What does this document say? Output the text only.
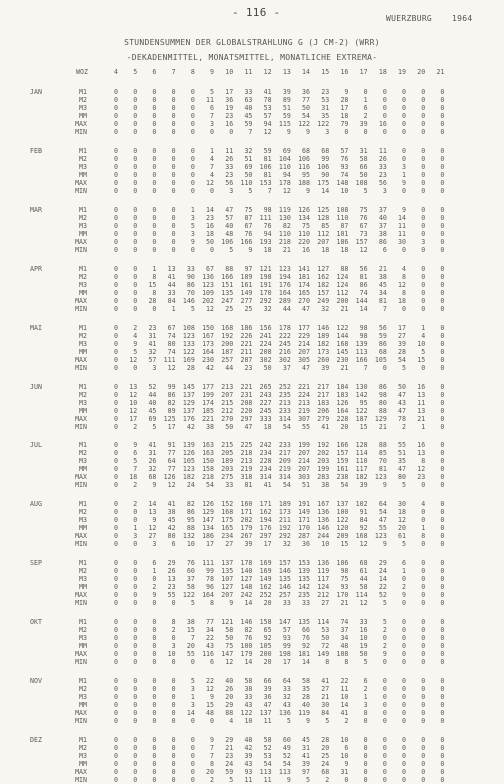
- 116 -	WUERZBURG 1964
STUNDENSUMMEN DER GLOBALSTRAHLUNG G (J CM-2) (WRR)
-DEKADENMITTEL, MONATSMITTEL, MONATLICHE EXTREMA-
WOZ	4	5	6	7	8	9	10	11	12	13	14	15	16	17	18	19	20	21
JAN	M1	0	0	0	0	0	5	17	33	41	39	36	23	9	0	0	0	0	0
M2	0	0	0	0	0	11	36	63	78	89	77	53	28	1	0	0	0	0
M3	0	0	0	0	0	6	19	40	53	51	50	31	17	6	0	0	0	0
MM	0	0	0	0	0	7	23	45	57	59	54	35	18	2	0	0	0	0
MAX	0	0	0	0	0	3	16	59	94	115	122	122	79	39	16	0	0	0
MIN	0	0	0	0	0	0	0	7	12	9	9	3	0	0	0	0	0	0
FEB	M1	0	0	0	0	0	1	11	32	59	69	68	68	57	31	11	0	0	0
M2	0	0	0	0	0	4	26	51	81	104	106	99	76	58	26	0	0	0
M3	0	0	0	0	0	7	33	69	106	110	116	106	93	66	33	3	0	0
MM	0	0	0	0	0	4	23	50	81	94	95	90	74	50	23	1	0	0
MAX	0	0	0	0	0	12	56	110	153	178	188	175	148	108	56	9	0	0
MIN	0	0	0	0	0	0	3	5	7	12	9	14	10	5	3	0	0	0
MAR	M1	0	0	0	0	1	14	47	75	98	119	126	125	108	75	37	9	0	0
M2	0	0	0	0	3	23	57	87	111	130	134	128	110	76	40	14	0	0
M3	0	0	0	0	5	16	40	67	76	82	75	85	87	67	37	11	0	0
MM	0	0	0	0	3	18	48	76	94	110	110	112	101	73	38	11	0	0
MAX	0	0	0	0	9	50	106	166	193	218	220	207	186	157	86	30	3	0
MIN	0	0	0	0	0	0	5	9	18	21	16	18	18	12	6	0	0	0
APR	M1	0	0	1	13	33	67	88	97	121	123	141	127	88	56	21	4	0	0
M2	0	0	8	41	90	136	166	189	198	194	181	162	124	81	38	8	0	0
M3	0	0	15	44	86	123	151	161	191	176	174	182	124	86	45	12	0	0
MM	0	0	8	33	70	109	135	149	170	164	165	157	112	74	34	8	0	0
MAX	0	0	28	84	146	202	247	277	292	289	270	249	200	144	81	18	0	0
MIN	0	0	0	1	5	12	25	25	32	44	47	32	21	14	7	0	0	0
MAI	M1	0	2	23	67	108	150	168	186	156	178	177	146	122	98	56	17	1	0
M2	0	4	31	74	123	167	192	226	241	222	229	189	144	98	59	27	4	0
M3	0	9	41	80	133	173	200	221	224	245	214	182	168	139	86	39	10	0
MM	0	5	32	74	122	164	187	211	208	216	207	173	145	113	68	28	5	0
MAX	0	12	57	111	169	230	257	287	302	302	305	260	230	166	105	54	15	0
MIN	0	0	3	12	28	42	44	23	50	37	47	39	21	7	0	5	0	0
JUN	M1	0	13	52	99	145	177	213	221	265	252	221	217	184	130	86	50	16	0
M2	0	12	44	86	137	199	207	231	243	235	224	217	183	142	98	47	13	0
M3	0	10	40	82	129	174	215	208	227	213	213	183	126	95	80	43	11	0
MM	0	12	45	89	137	185	212	220	245	233	219	206	164	122	88	47	13	0
MAX	0	17	69	125	176	221	270	297	333	314	307	279	228	187	129	78	21	0
MIN	0	2	5	17	42	38	50	47	18	54	55	41	20	15	21	2	1	0
JUL	M1	0	9	41	91	139	163	215	225	242	233	199	192	166	128	88	55	16	0
M2	0	6	31	77	126	163	205	218	234	217	207	202	157	114	85	51	13	0
M3	0	5	26	64	105	150	189	213	228	209	214	203	159	110	70	35	8	0
MM	0	7	32	77	123	158	203	219	234	219	207	199	161	117	81	47	12	0
MAX	0	18	68	126	182	218	275	318	314	314	303	283	238	182	123	80	23	0
MIN	0	2	9	12	24	54	33	81	41	54	51	38	54	39	9	5	0	0
AUG	M1	0	2	14	41	82	126	152	160	171	189	191	167	137	102	64	30	4	0
M2	0	0	13	38	86	129	168	171	162	173	149	136	100	91	54	18	0	0
M3	0	0	9	45	95	147	175	202	194	211	171	136	122	84	47	12	0	0
MM	0	1	12	42	88	134	165	179	176	192	170	146	120	92	55	20	1	0
MAX	0	3	27	80	132	186	234	267	297	292	287	244	209	168	123	61	8	0
MIN	0	0	3	6	10	17	27	39	17	32	36	10	15	12	9	5	0	0
SEP	M1	0	0	6	29	76	111	137	178	169	157	153	136	106	68	29	6	0	0
M2	0	0	1	26	60	99	135	140	169	146	139	119	98	61	24	1	0	0
M3	0	0	0	13	37	78	107	127	149	135	135	117	75	44	14	0	0	0
MM	0	0	2	23	58	96	127	148	162	146	142	124	93	58	22	2	0	0
MAX	0	0	9	55	122	164	207	242	252	257	235	212	170	114	52	9	0	0
MIN	0	0	0	0	5	8	9	14	20	33	33	27	21	12	5	0	0	0
OKT	M1	0	0	0	8	38	77	121	146	158	147	135	114	74	33	5	0	0	0
M2	0	0	0	2	15	34	58	82	65	57	66	53	37	16	2	0	0	0
M3	0	0	0	0	7	22	50	76	92	93	76	50	34	10	0	0	0	0
MM	0	0	0	3	20	43	75	100	105	99	92	72	48	19	2	0	0	0
MAX	0	0	0	10	55	116	147	179	200	198	181	149	108	50	9	0	0	0
MIN	0	0	0	0	0	6	12	14	20	17	14	8	8	5	0	0	0	0
NOV	M1	0	0	0	0	5	22	40	58	66	64	58	41	22	6	0	0	0	0
M2	0	0	0	0	3	12	26	38	39	33	35	27	11	2	0	0	0	0
M3	0	0	0	0	1	9	20	33	36	32	28	21	10	1	0	0	0	0
MM	0	0	0	0	3	15	29	43	47	43	40	30	14	3	0	0	0	0
MAX	0	0	0	0	14	48	88	122	137	136	119	84	41	8	0	0	0	0
MIN	0	0	0	0	0	0	4	10	11	5	9	5	2	0	0	0	0	0
DEZ	M1	0	0	0	0	0	9	29	48	58	60	45	28	10	0	0	0	0	0
M2	0	0	0	0	0	7	21	42	52	49	31	20	6	0	0	0	0	0
M3	0	0	0	0	0	7	23	39	53	52	41	25	10	0	0	0	0	0
MM	0	0	0	0	0	8	24	43	54	54	39	24	9	0	0	0	0	0
MAX	0	0	0	0	0	20	59	93	113	113	97	68	31	0	0	0	0	0
MIN	0	0	0	0	0	2	5	11	11	9	5	2	0	0	0	0	0	0
